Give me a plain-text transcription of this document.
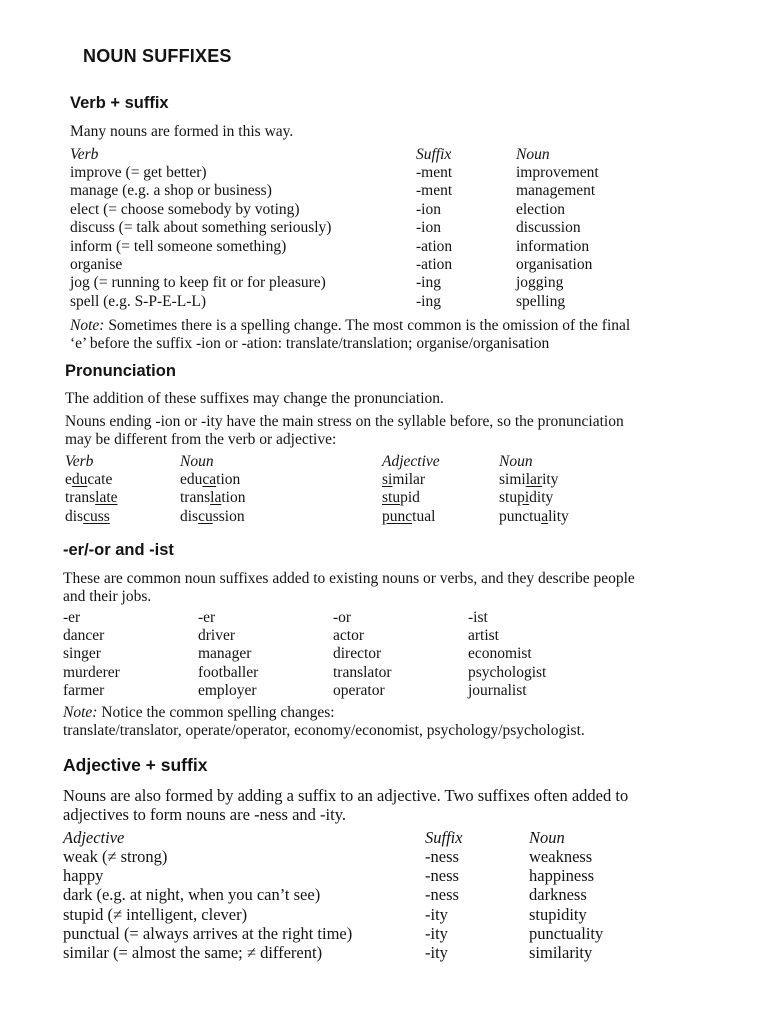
NOUN SUFFIXES
Verb + suffix
Many nouns are formed in this way.
Verb	Suffix	Noun
improve (= get better)	-ment	improvement
manage (e.g. a shop or business)	-ment	management
elect (= choose somebody by voting)	-ion	election
discuss (= talk about something seriously)	-ion	discussion
inform (= tell someone something)	-ation	information
organise	-ation	organisation
jog (= running to keep fit or for pleasure)	-ing	jogging
spell (e.g. S-P-E-L-L)	-ing	spelling
Note: Sometimes there is a spelling change. The most common is the omission of the final
‘e’ before the suffix -ion or -ation: translate/translation; organise/organisation
Pronunciation
The addition of these suffixes may change the pronunciation.
Nouns ending -ion or -ity have the main stress on the syllable before, so the pronunciation
may be different from the verb or adjective:
Verb	Noun	Adjective	Noun
educate	education	similar	similarity
translate	translation	stupid	stupidity
discuss	discussion	punctual	punctuality
-er/-or and -ist
These are common noun suffixes added to existing nouns or verbs, and they describe people
and their jobs.
-er	-er	-or	-ist
dancer	driver	actor	artist
singer	manager	director	economist
murderer	footballer	translator	psychologist
farmer	employer	operator	journalist
Note: Notice the common spelling changes:
translate/translator, operate/operator, economy/economist, psychology/psychologist.
Adjective + suffix
Nouns are also formed by adding a suffix to an adjective. Two suffixes often added to
adjectives to form nouns are -ness and -ity.
Adjective	Suffix	Noun
weak (≠ strong)	-ness	weakness
happy	-ness	happiness
dark (e.g. at night, when you can’t see)	-ness	darkness
stupid (≠ intelligent, clever)	-ity	stupidity
punctual (= always arrives at the right time)	-ity	punctuality
similar (= almost the same; ≠ different)	-ity	similarity
